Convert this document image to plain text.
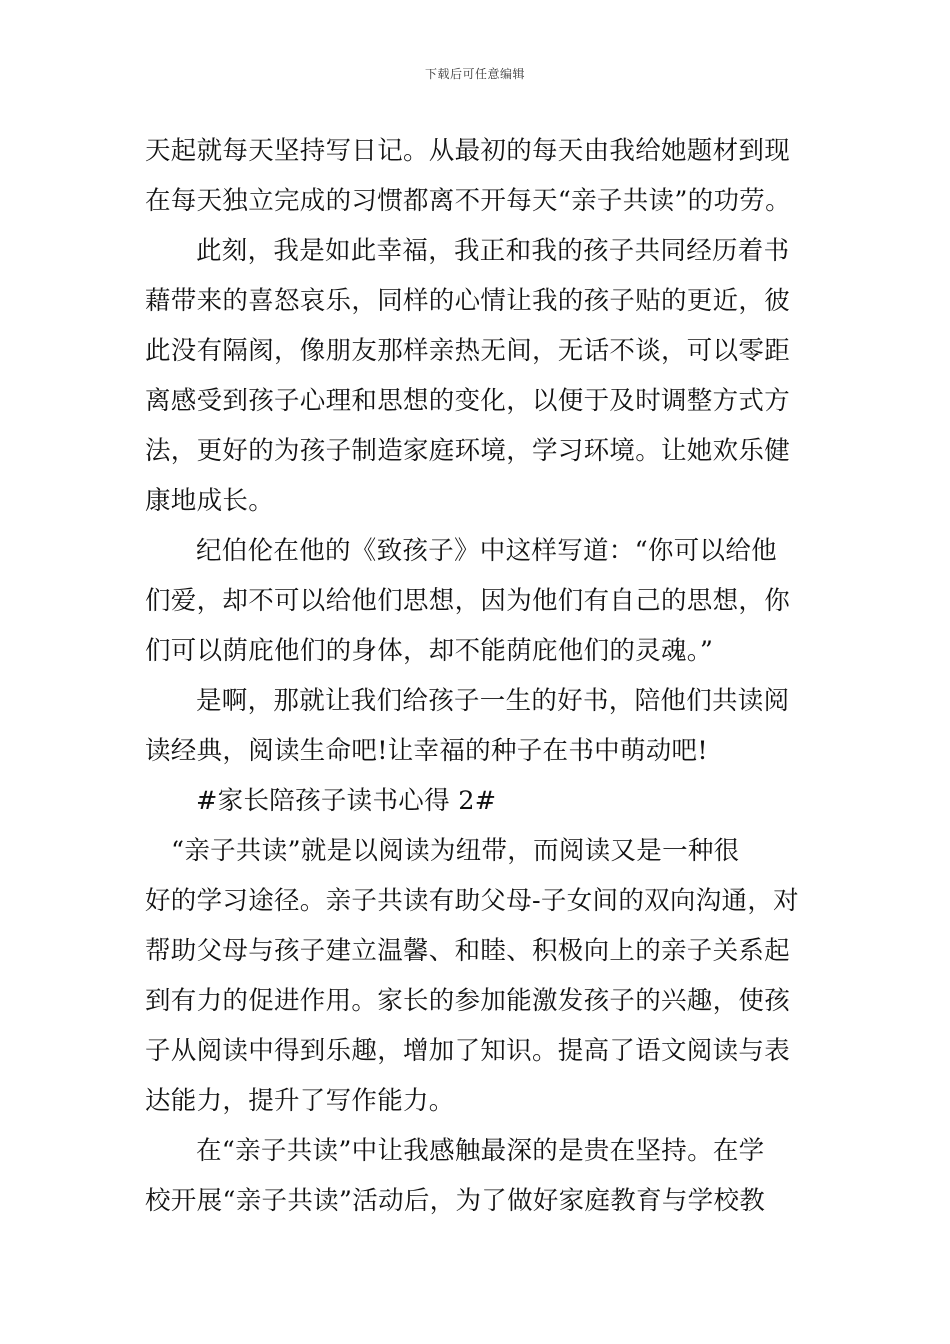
下载后可任意编辑
天起就每天坚持写日记。从最初的每天由我给她题材到现
在每天独立完成的习惯都离不开每天“亲子共读”的功劳。
此刻，我是如此幸福，我正和我的孩子共同经历着书
藉带来的喜怒哀乐，同样的心情让我的孩子贴的更近，彼
此没有隔阂，像朋友那样亲热无间，无话不谈，可以零距
离感受到孩子心理和思想的变化，以便于及时调整方式方
法，更好的为孩子制造家庭环境，学习环境。让她欢乐健
康地成长。
纪伯伦在他的《致孩子》中这样写道：“你可以给他
们爱，却不可以给他们思想，因为他们有自己的思想，你
们可以荫庇他们的身体，却不能荫庇他们的灵魂。”
是啊，那就让我们给孩子一生的好书，陪他们共读阅
读经典，阅读生命吧!让幸福的种子在书中萌动吧!
#家长陪孩子读书心得 2#
“亲子共读”就是以阅读为纽带，而阅读又是一种很
好的学习途径。亲子共读有助父母-子女间的双向沟通，对
帮助父母与孩子建立温馨、和睦、积极向上的亲子关系起
到有力的促进作用。家长的参加能激发孩子的兴趣，使孩
子从阅读中得到乐趣，增加了知识。提高了语文阅读与表
达能力，提升了写作能力。
在“亲子共读”中让我感触最深的是贵在坚持。在学
校开展“亲子共读”活动后，为了做好家庭教育与学校教
